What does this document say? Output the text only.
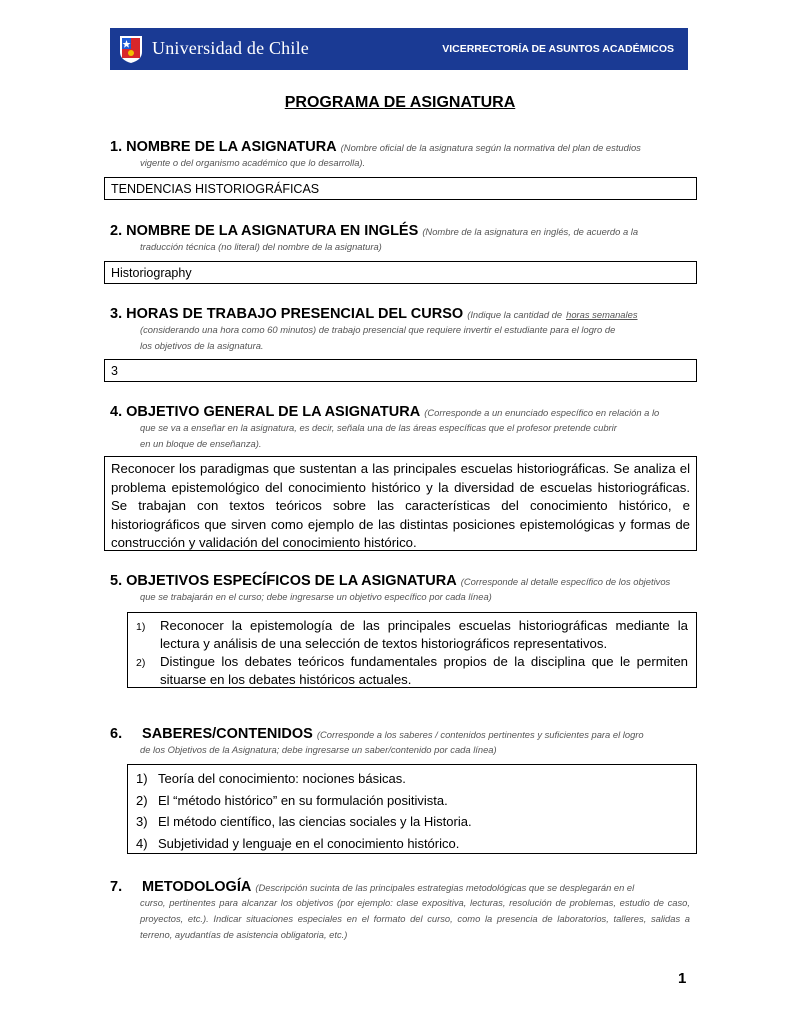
Universidad de Chile	VICERRECTORÍA DE ASUNTOS ACADÉMICOS
PROGRAMA DE ASIGNATURA
1. NOMBRE DE LA ASIGNATURA (Nombre oficial de la asignatura según la normativa del plan de estudios
vigente o del organismo académico que lo desarrolla).
TENDENCIAS HISTORIOGRÁFICAS
2. NOMBRE DE LA ASIGNATURA EN INGLÉS (Nombre de la asignatura en inglés, de acuerdo a la
traducción técnica (no literal) del nombre de la asignatura)
Historiography
3. HORAS DE TRABAJO PRESENCIAL DEL CURSO (Indique la cantidad de horas semanales
(considerando una hora como 60 minutos) de trabajo presencial que requiere invertir el estudiante para el logro de
los objetivos de la asignatura.
3
4. OBJETIVO GENERAL DE LA ASIGNATURA (Corresponde a un enunciado específico en relación a lo
que se va a enseñar en la asignatura, es decir, señala una de las áreas específicas que el profesor pretende cubrir
en un bloque de enseñanza).
Reconocer los paradigmas que sustentan a las principales escuelas historiográficas. Se analiza el problema epistemológico del conocimiento histórico y la diversidad de escuelas historiográficas. Se trabajan con textos teóricos sobre las características del conocimiento histórico, e historiográficos que sirven como ejemplo de las distintas posiciones epistemológicas y formas de construcción y validación del conocimiento histórico.
5. OBJETIVOS ESPECÍFICOS DE LA ASIGNATURA (Corresponde al detalle específico de los objetivos
que se trabajarán en el curso; debe ingresarse un objetivo específico por cada línea)
1)	Reconocer la epistemología de las principales escuelas historiográficas mediante la lectura y análisis de una selección de textos historiográficos representativos.
2)	Distingue los debates teóricos fundamentales propios de la disciplina que le permiten situarse en los debates históricos actuales.
6. SABERES/CONTENIDOS (Corresponde a los saberes / contenidos pertinentes y suficientes para el logro
de los Objetivos de la Asignatura; debe ingresarse un saber/contenido por cada línea)
1) Teoría del conocimiento: nociones básicas.
2) El “método histórico” en su formulación positivista.
3) El método científico, las ciencias sociales y la Historia.
4) Subjetividad y lenguaje en el conocimiento histórico.
7. METODOLOGÍA (Descripción sucinta de las principales estrategias metodológicas que se desplegarán en el
curso, pertinentes para alcanzar los objetivos (por ejemplo: clase expositiva, lecturas, resolución de problemas, estudio de caso, proyectos, etc.). Indicar situaciones especiales en el formato del curso, como la presencia de laboratorios, talleres, salidas a terreno, ayudantías de asistencia obligatoria, etc.)
1
